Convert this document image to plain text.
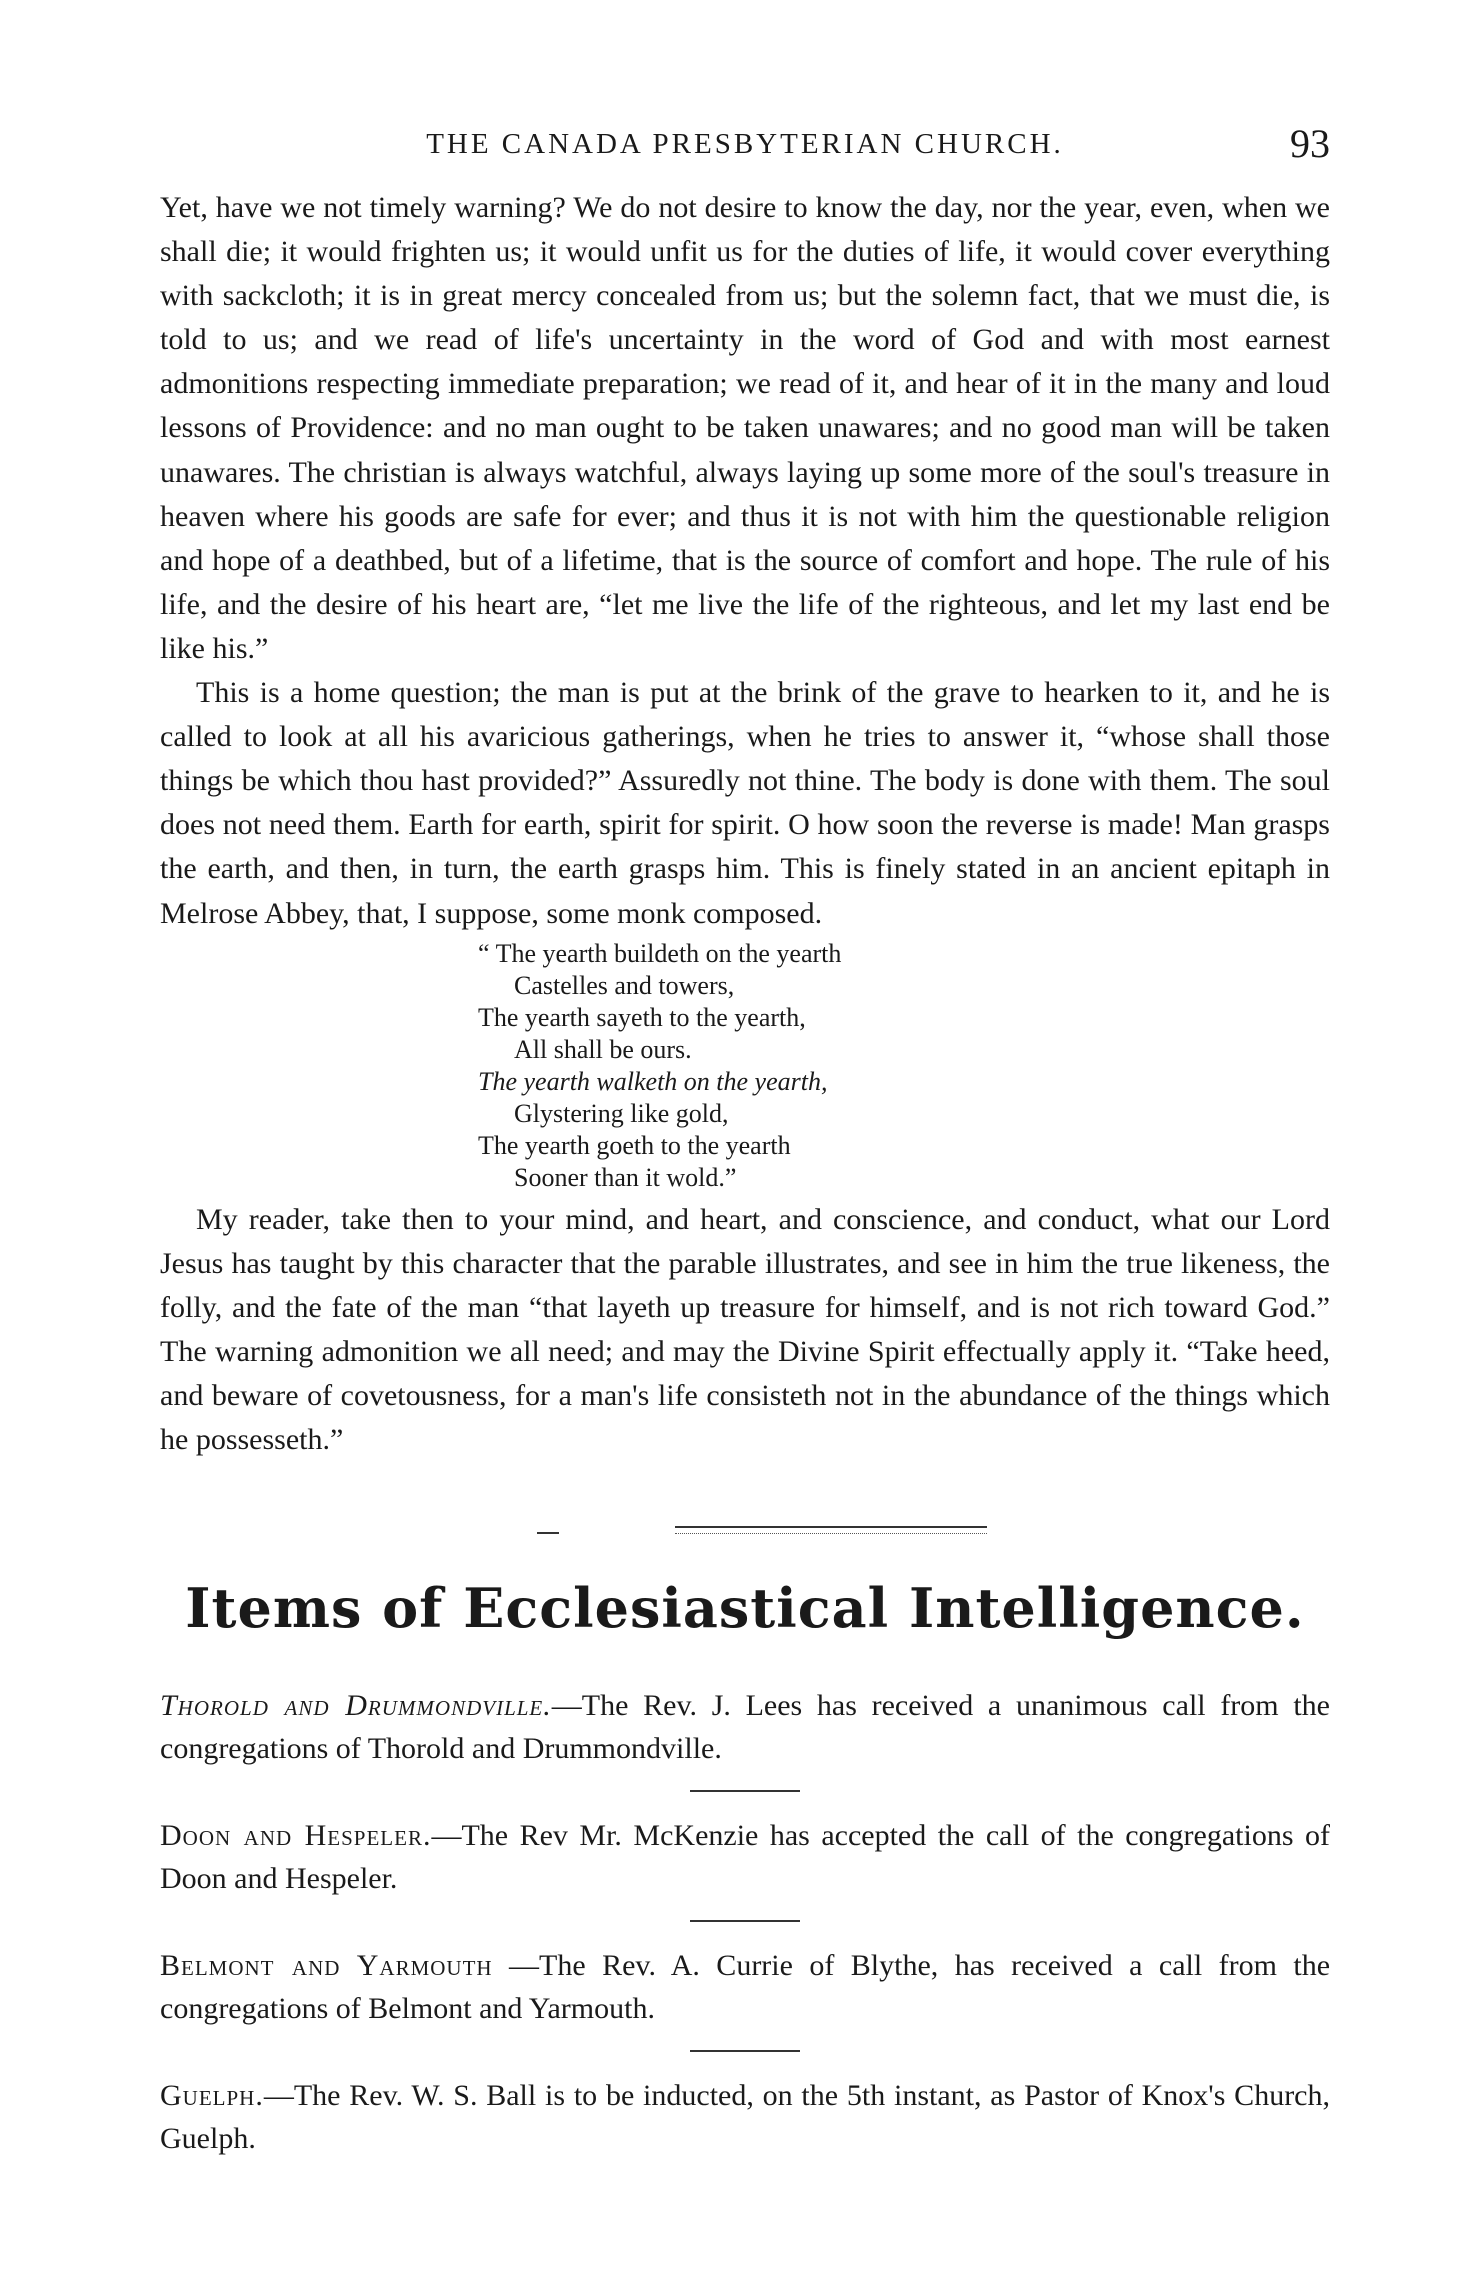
THE CANADA PRESBYTERIAN CHURCH.	93

Yet, have we not timely warning? We do not desire to know the day, nor the year, even, when we shall die; it would frighten us; it would unfit us for the duties of life, it would cover everything with sackcloth; it is in great mercy concealed from us; but the solemn fact, that we must die, is told to us; and we read of life's uncertainty in the word of God and with most earnest admonitions respecting immediate preparation; we read of it, and hear of it in the many and loud lessons of Providence: and no man ought to be taken unawares; and no good man will be taken unawares. The christian is always watchful, always laying up some more of the soul's treasure in heaven where his goods are safe for ever; and thus it is not with him the questionable religion and hope of a deathbed, but of a lifetime, that is the source of comfort and hope. The rule of his life, and the desire of his heart are, “let me live the life of the righteous, and let my last end be like his.”

This is a home question; the man is put at the brink of the grave to hearken to it, and he is called to look at all his avaricious gatherings, when he tries to answer it, “whose shall those things be which thou hast provided?” Assuredly not thine. The body is done with them. The soul does not need them. Earth for earth, spirit for spirit. O how soon the reverse is made! Man grasps the earth, and then, in turn, the earth grasps him. This is finely stated in an ancient epitaph in Melrose Abbey, that, I suppose, some monk composed.

“ The yearth buildeth on the yearth
Castelles and towers,
The yearth sayeth to the yearth,
All shall be ours.
The yearth walketh on the yearth,
Glystering like gold,
The yearth goeth to the yearth
Sooner than it wold.”

My reader, take then to your mind, and heart, and conscience, and conduct, what our Lord Jesus has taught by this character that the parable illustrates, and see in him the true likeness, the folly, and the fate of the man “that layeth up treasure for himself, and is not rich toward God.” The warning admonition we all need; and may the Divine Spirit effectually apply it. “Take heed, and beware of covetousness, for a man's life consisteth not in the abundance of the things which he possesseth.”

Items of Ecclesiastical Intelligence.
Thorold and Drummondville.—The Rev. J. Lees has received a unanimous call from the congregations of Thorold and Drummondville.
Doon and Hespeler.—The Rev Mr. McKenzie has accepted the call of the congregations of Doon and Hespeler.
Belmont and Yarmouth —The Rev. A. Currie of Blythe, has received a call from the congregations of Belmont and Yarmouth.
Guelph.—The Rev. W. S. Ball is to be inducted, on the 5th instant, as Pastor of Knox's Church, Guelph.
